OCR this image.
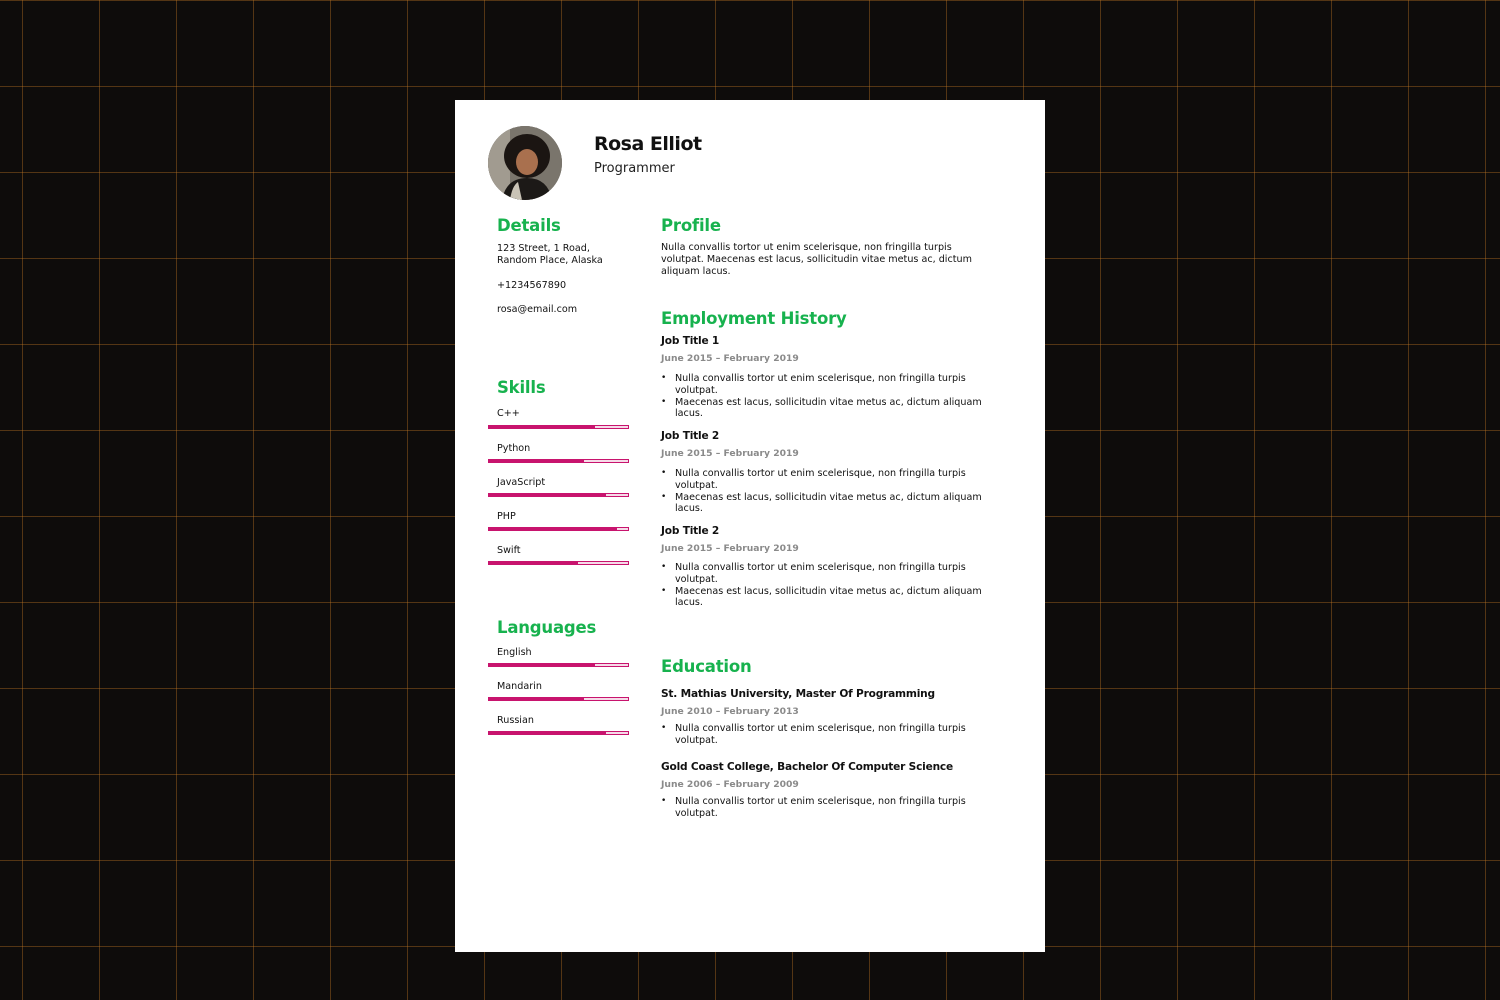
Rosa Elliot
Programmer
Details
123 Street, 1 Road,
Random Place, Alaska
+1234567890
rosa@email.com
Skills
C++
Python
JavaScript
PHP
Swift
Languages
English
Mandarin
Russian
Profile
Nulla convallis tortor ut enim scelerisque, non fringilla turpis
volutpat. Maecenas est lacus, sollicitudin vitae metus ac, dictum
aliquam lacus.
Employment History
Job Title 1
June 2015 – February 2019
• Nulla convallis tortor ut enim scelerisque, non fringilla turpis
volutpat.
• Maecenas est lacus, sollicitudin vitae metus ac, dictum aliquam
lacus.
Job Title 2
June 2015 – February 2019
• Nulla convallis tortor ut enim scelerisque, non fringilla turpis
volutpat.
• Maecenas est lacus, sollicitudin vitae metus ac, dictum aliquam
lacus.
Job Title 2
June 2015 – February 2019
• Nulla convallis tortor ut enim scelerisque, non fringilla turpis
volutpat.
• Maecenas est lacus, sollicitudin vitae metus ac, dictum aliquam
lacus.
Education
St. Mathias University, Master Of Programming
June 2010 – February 2013
• Nulla convallis tortor ut enim scelerisque, non fringilla turpis
volutpat.
Gold Coast College, Bachelor Of Computer Science
June 2006 – February 2009
• Nulla convallis tortor ut enim scelerisque, non fringilla turpis
volutpat.
